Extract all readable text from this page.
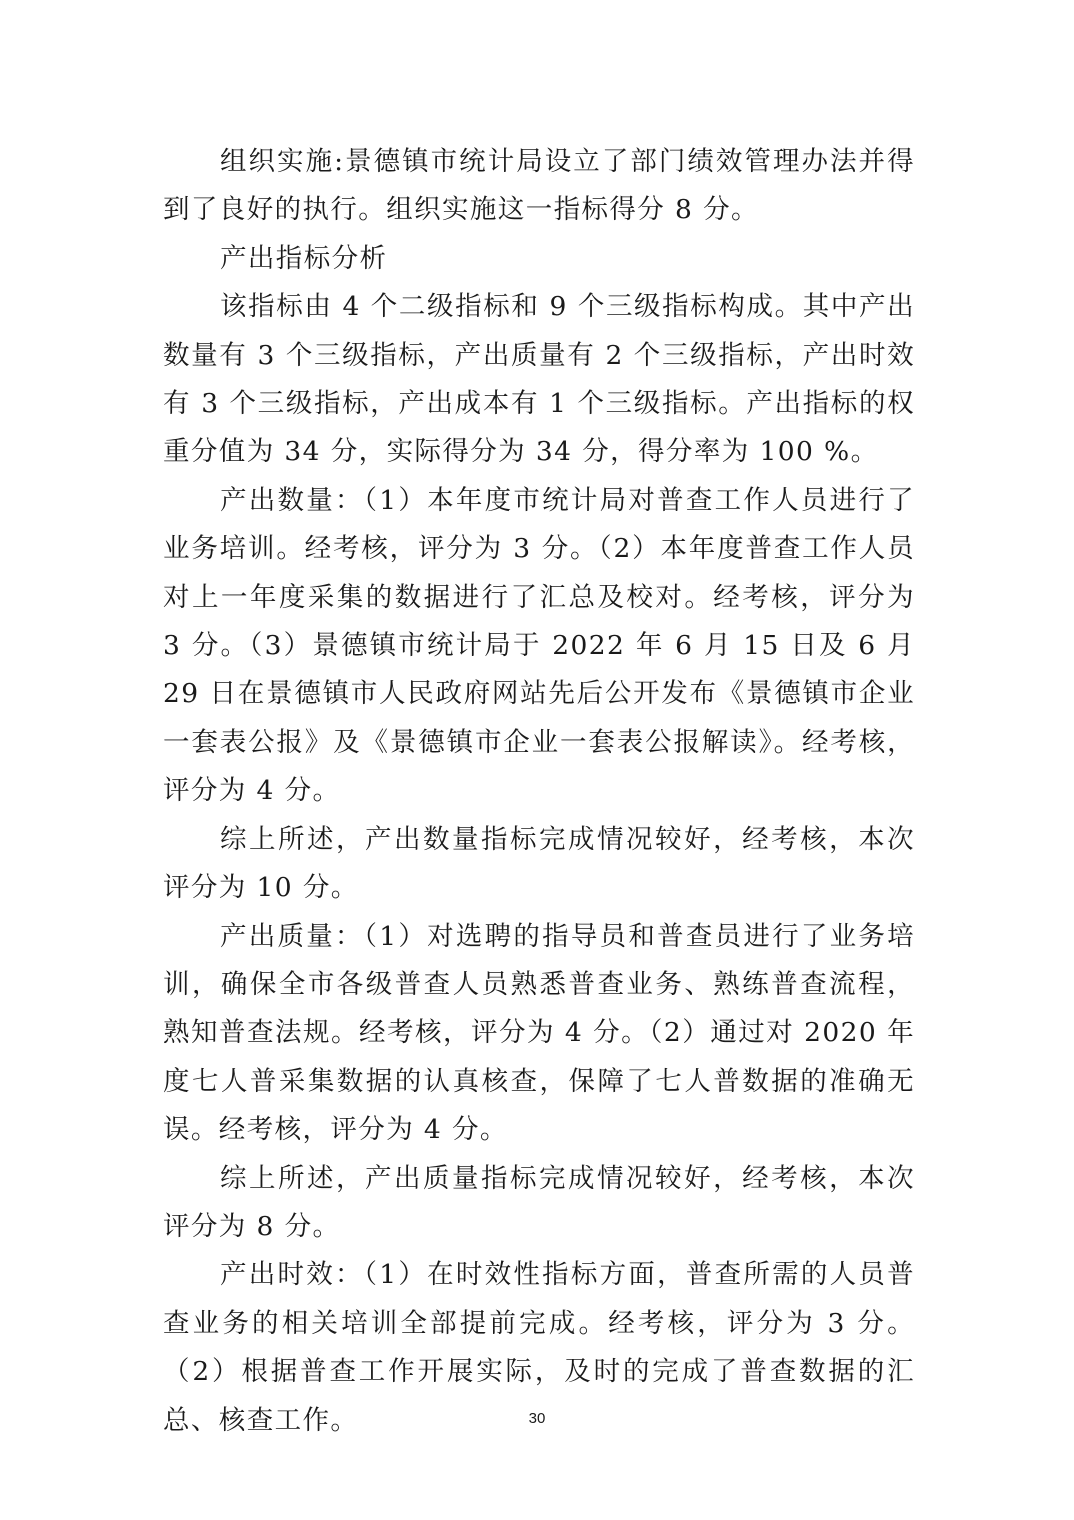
组织实施:景德镇市统计局设立了部门绩效管理办法并得到了良好的执行。组织实施这一指标得分 8 分。

产出指标分析

该指标由 4 个二级指标和 9 个三级指标构成。其中产出数量有 3 个三级指标，产出质量有 2 个三级指标，产出时效有 3 个三级指标，产出成本有 1 个三级指标。产出指标的权重分值为 34 分，实际得分为 34 分，得分率为 100 %。

产出数量：（1）本年度市统计局对普查工作人员进行了业务培训。经考核，评分为 3 分。（2）本年度普查工作人员对上一年度采集的数据进行了汇总及校对。经考核，评分为 3 分。（3）景德镇市统计局于 2022 年 6 月 15 日及 6 月 29 日在景德镇市人民政府网站先后公开发布《景德镇市企业一套表公报》及《景德镇市企业一套表公报解读》。经考核，评分为 4 分。

综上所述，产出数量指标完成情况较好，经考核，本次评分为 10 分。

产出质量：（1）对选聘的指导员和普查员进行了业务培训，确保全市各级普查人员熟悉普查业务、熟练普查流程，熟知普查法规。经考核，评分为 4 分。（2）通过对 2020 年度七人普采集数据的认真核查，保障了七人普数据的准确无误。经考核，评分为 4 分。

综上所述，产出质量指标完成情况较好，经考核，本次评分为 8 分。

产出时效：（1）在时效性指标方面，普查所需的人员普查业务的相关培训全部提前完成。经考核，评分为 3 分。（2）根据普查工作开展实际，及时的完成了普查数据的汇总、核查工作。	30
